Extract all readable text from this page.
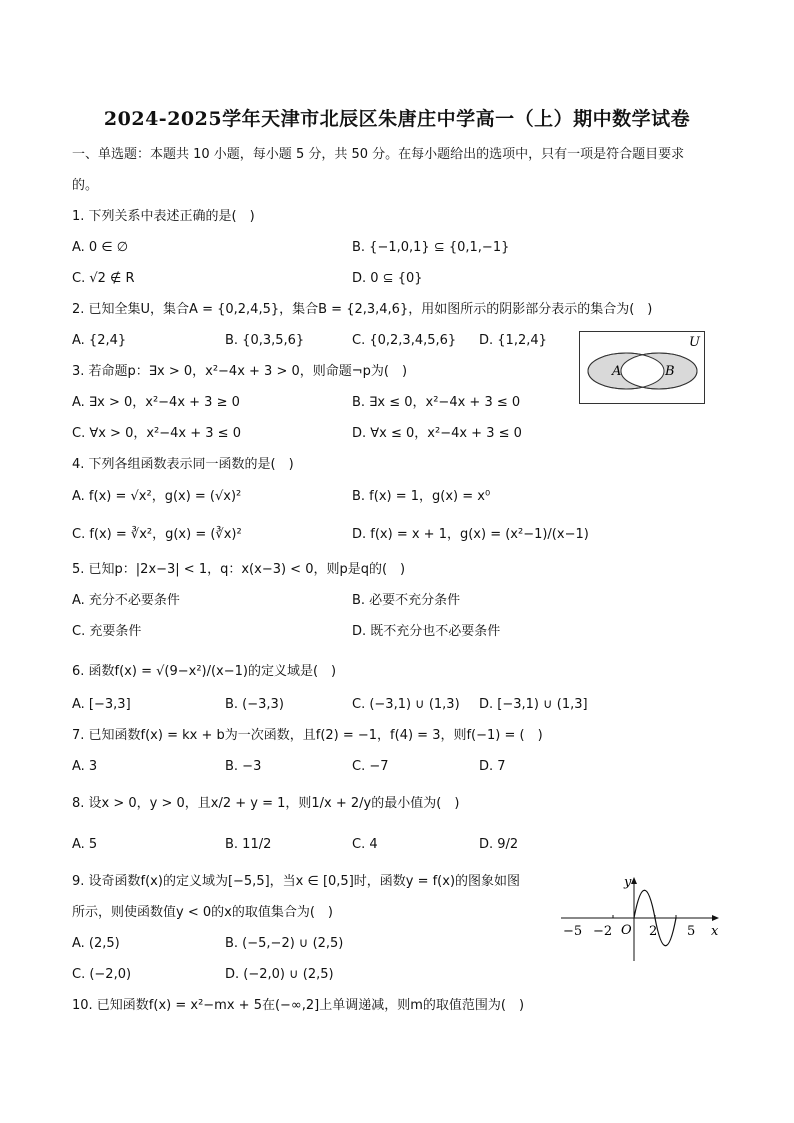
2024-2025学年天津市北辰区朱唐庄中学高一（上）期中数学试卷
一、单选题：本题共 10 小题，每小题 5 分，共 50 分。在每小题给出的选项中，只有一项是符合题目要求
的。
1. 下列关系中表述正确的是(　)
A. 0 ∈ ∅	B. {−1,0,1} ⊆ {0,1,−1}
C. √2 ∉ R	D. 0 ⊆ {0}
2. 已知全集U，集合A = {0,2,4,5}，集合B = {2,3,4,6}，用如图所示的阴影部分表示的集合为(　)
A. {2,4}	B. {0,3,5,6}	C. {0,2,3,4,5,6} D. {1,2,4}	U
A	B
3. 若命题p：∃x > 0，x²−4x + 3 > 0，则命题¬p为(　)
A. ∃x > 0，x²−4x + 3 ≥ 0	B. ∃x ≤ 0，x²−4x + 3 ≤ 0
C. ∀x > 0，x²−4x + 3 ≤ 0	D. ∀x ≤ 0，x²−4x + 3 ≤ 0
4. 下列各组函数表示同一函数的是(　)
A. f(x) = √x²，g(x) = (√x)²	B. f(x) = 1，g(x) = x⁰
C. f(x) = ∛x²，g(x) = (∛x)²	D. f(x) = x + 1，g(x) = (x²−1)/(x−1)
5. 已知p：|2x−3| < 1，q：x(x−3) < 0，则p是q的(　)
A. 充分不必要条件	B. 必要不充分条件
C. 充要条件	D. 既不充分也不必要条件
6. 函数f(x) = √(9−x²)/(x−1)的定义域是(　)
A. [−3,3]	B. (−3,3)	C. (−3,1) ∪ (1,3) D. [−3,1) ∪ (1,3]
7. 已知函数f(x) = kx + b为一次函数，且f(2) = −1，f(4) = 3，则f(−1) = (　)
A. 3	B. −3	C. −7	D. 7
8. 设x > 0，y > 0，且x/2 + y = 1，则1/x + 2/y的最小值为(　)
A. 5	B. 11/2	C. 4	D. 9/2
9. 设奇函数f(x)的定义域为[−5,5]，当x ∈ [0,5]时，函数y = f(x)的图象如图
所示，则使函数值y < 0的x的取值集合为(　)
A. (2,5)	B. (−5,−2) ∪ (2,5)
C. (−2,0)	D. (−2,0) ∪ (2,5)
y
x
O
−5 −2	2 5
10. 已知函数f(x) = x²−mx + 5在(−∞,2]上单调递减，则m的取值范围为(　)
